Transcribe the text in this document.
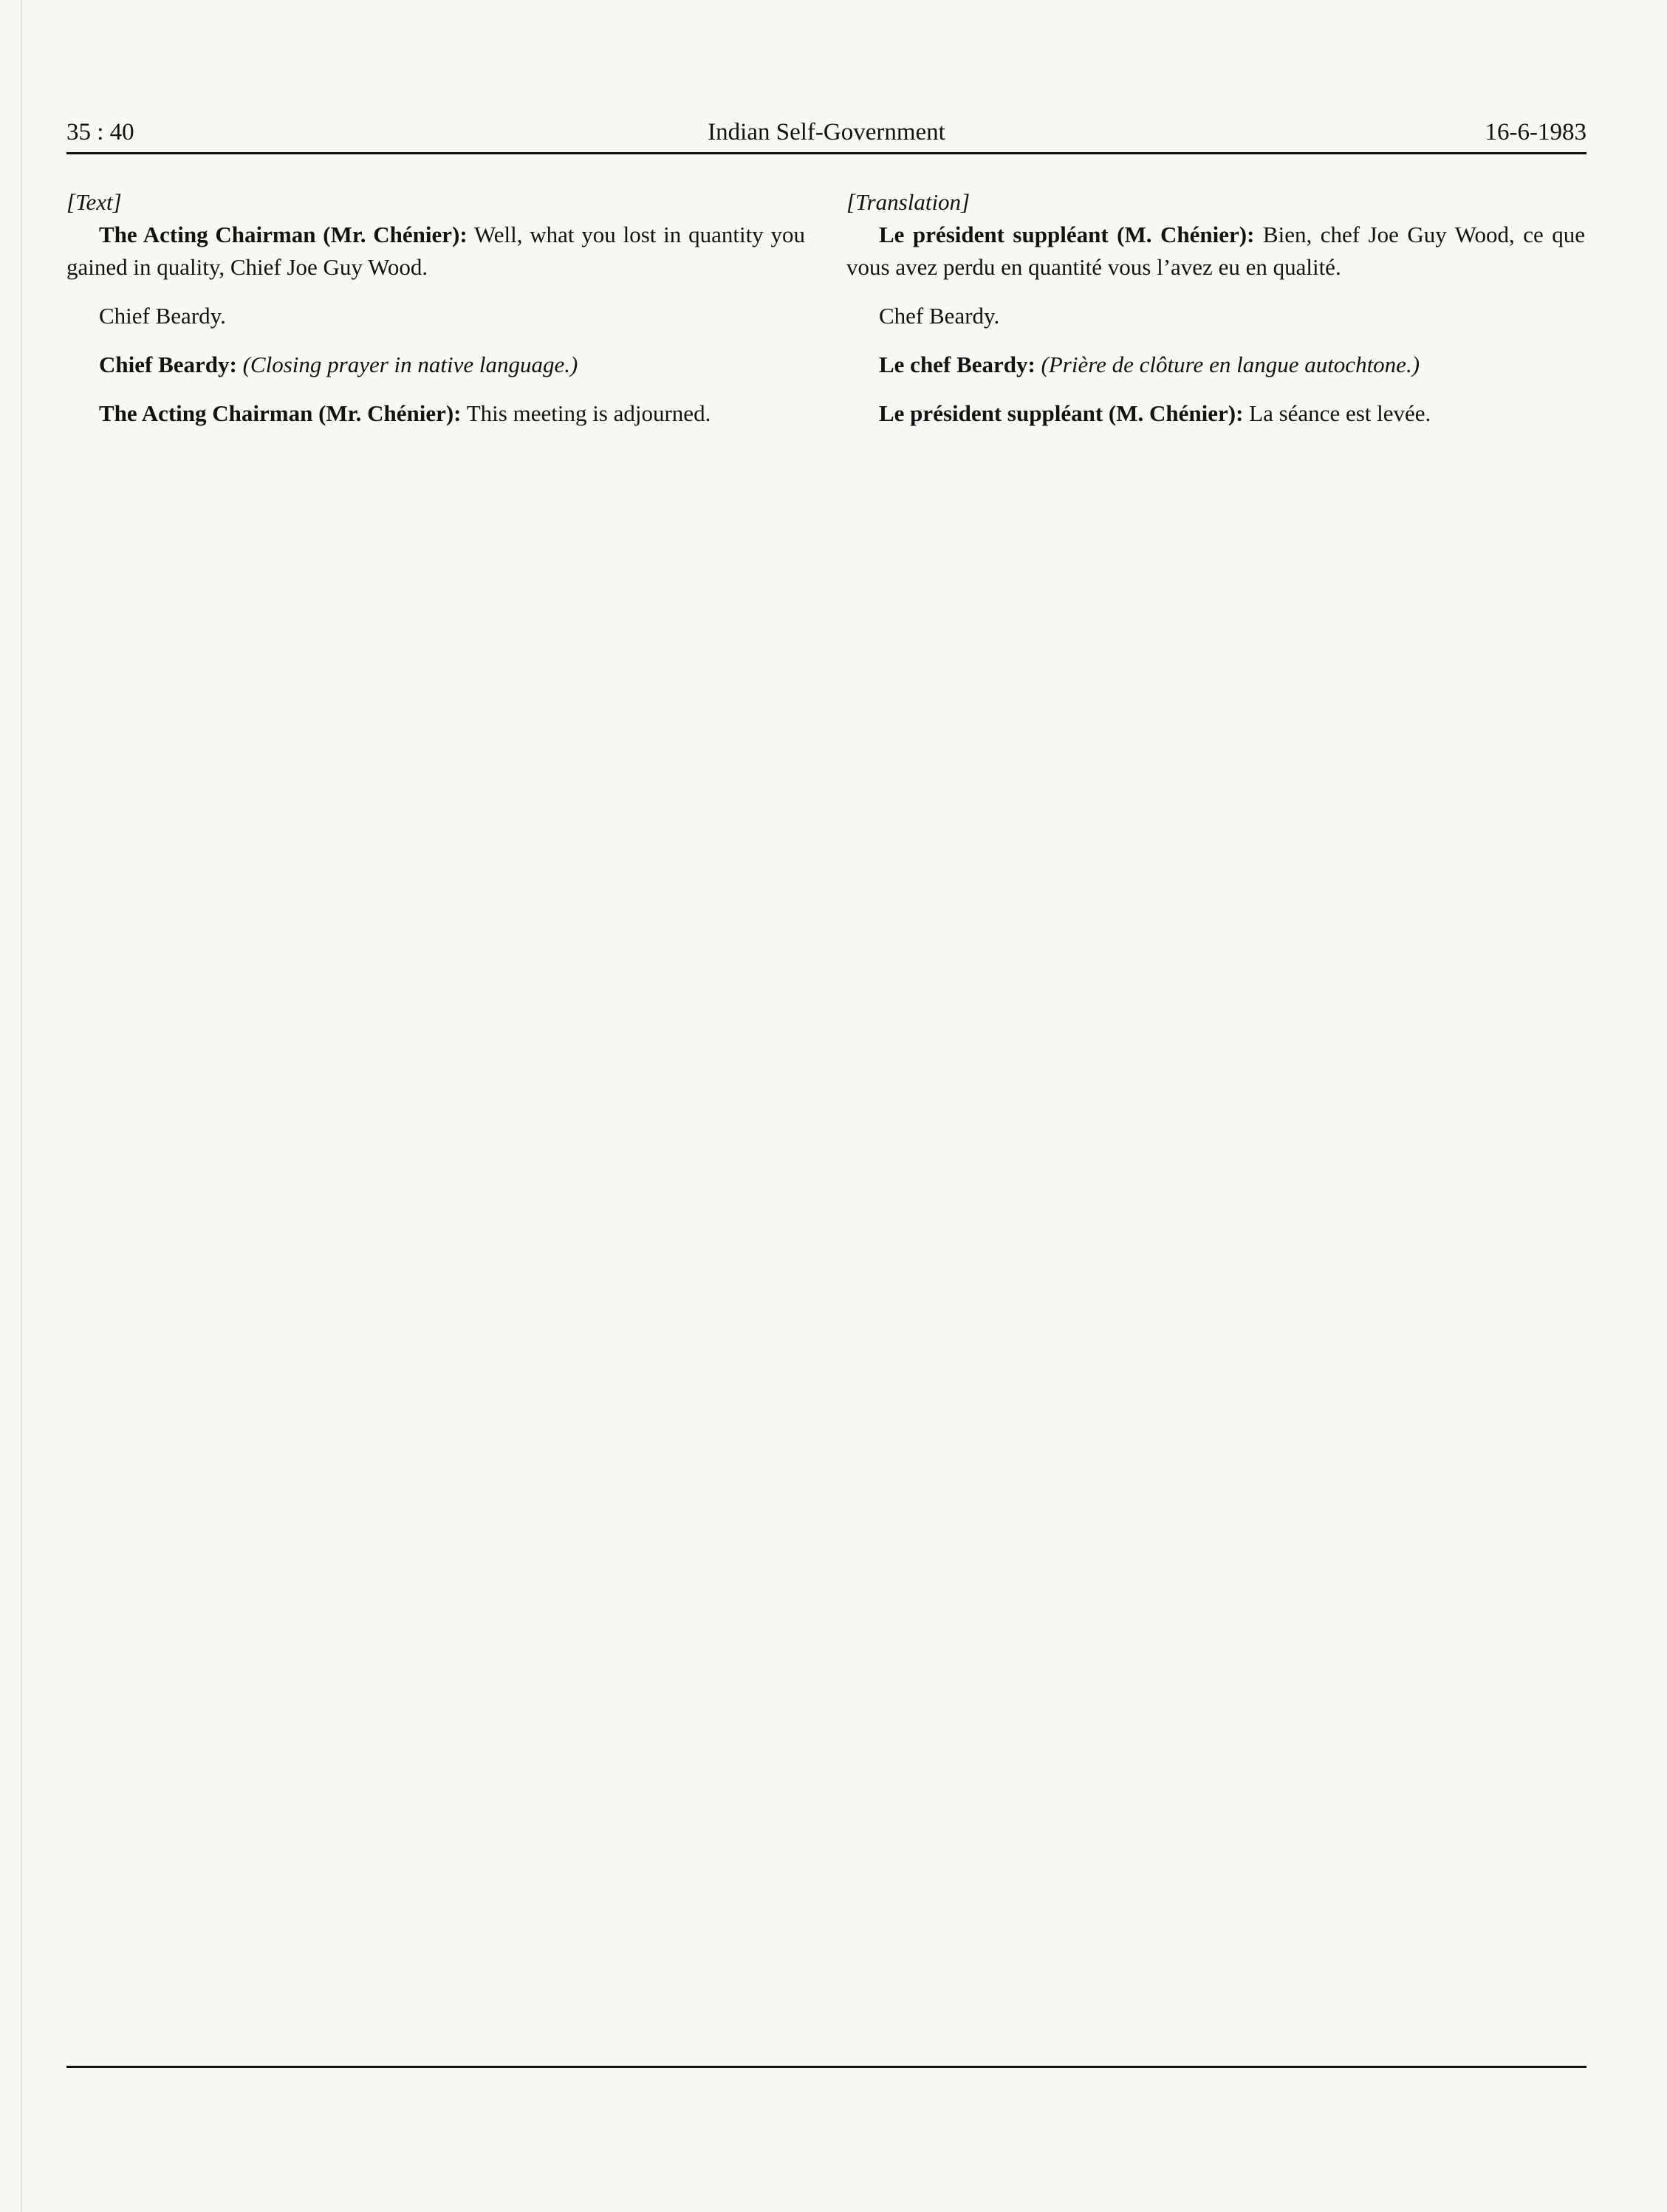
35 : 40	Indian Self-Government	16-6-1983

[Text]

The Acting Chairman (Mr. Chénier): Well, what you lost in quantity you gained in quality, Chief Joe Guy Wood.

Chief Beardy.

Chief Beardy: (Closing prayer in native language.)

The Acting Chairman (Mr. Chénier): This meeting is adjourned.

[Translation]

Le président suppléant (M. Chénier): Bien, chef Joe Guy Wood, ce que vous avez perdu en quantité vous l’avez eu en qualité.

Chef Beardy.

Le chef Beardy: (Prière de clôture en langue autochtone.)

Le président suppléant (M. Chénier): La séance est levée.
